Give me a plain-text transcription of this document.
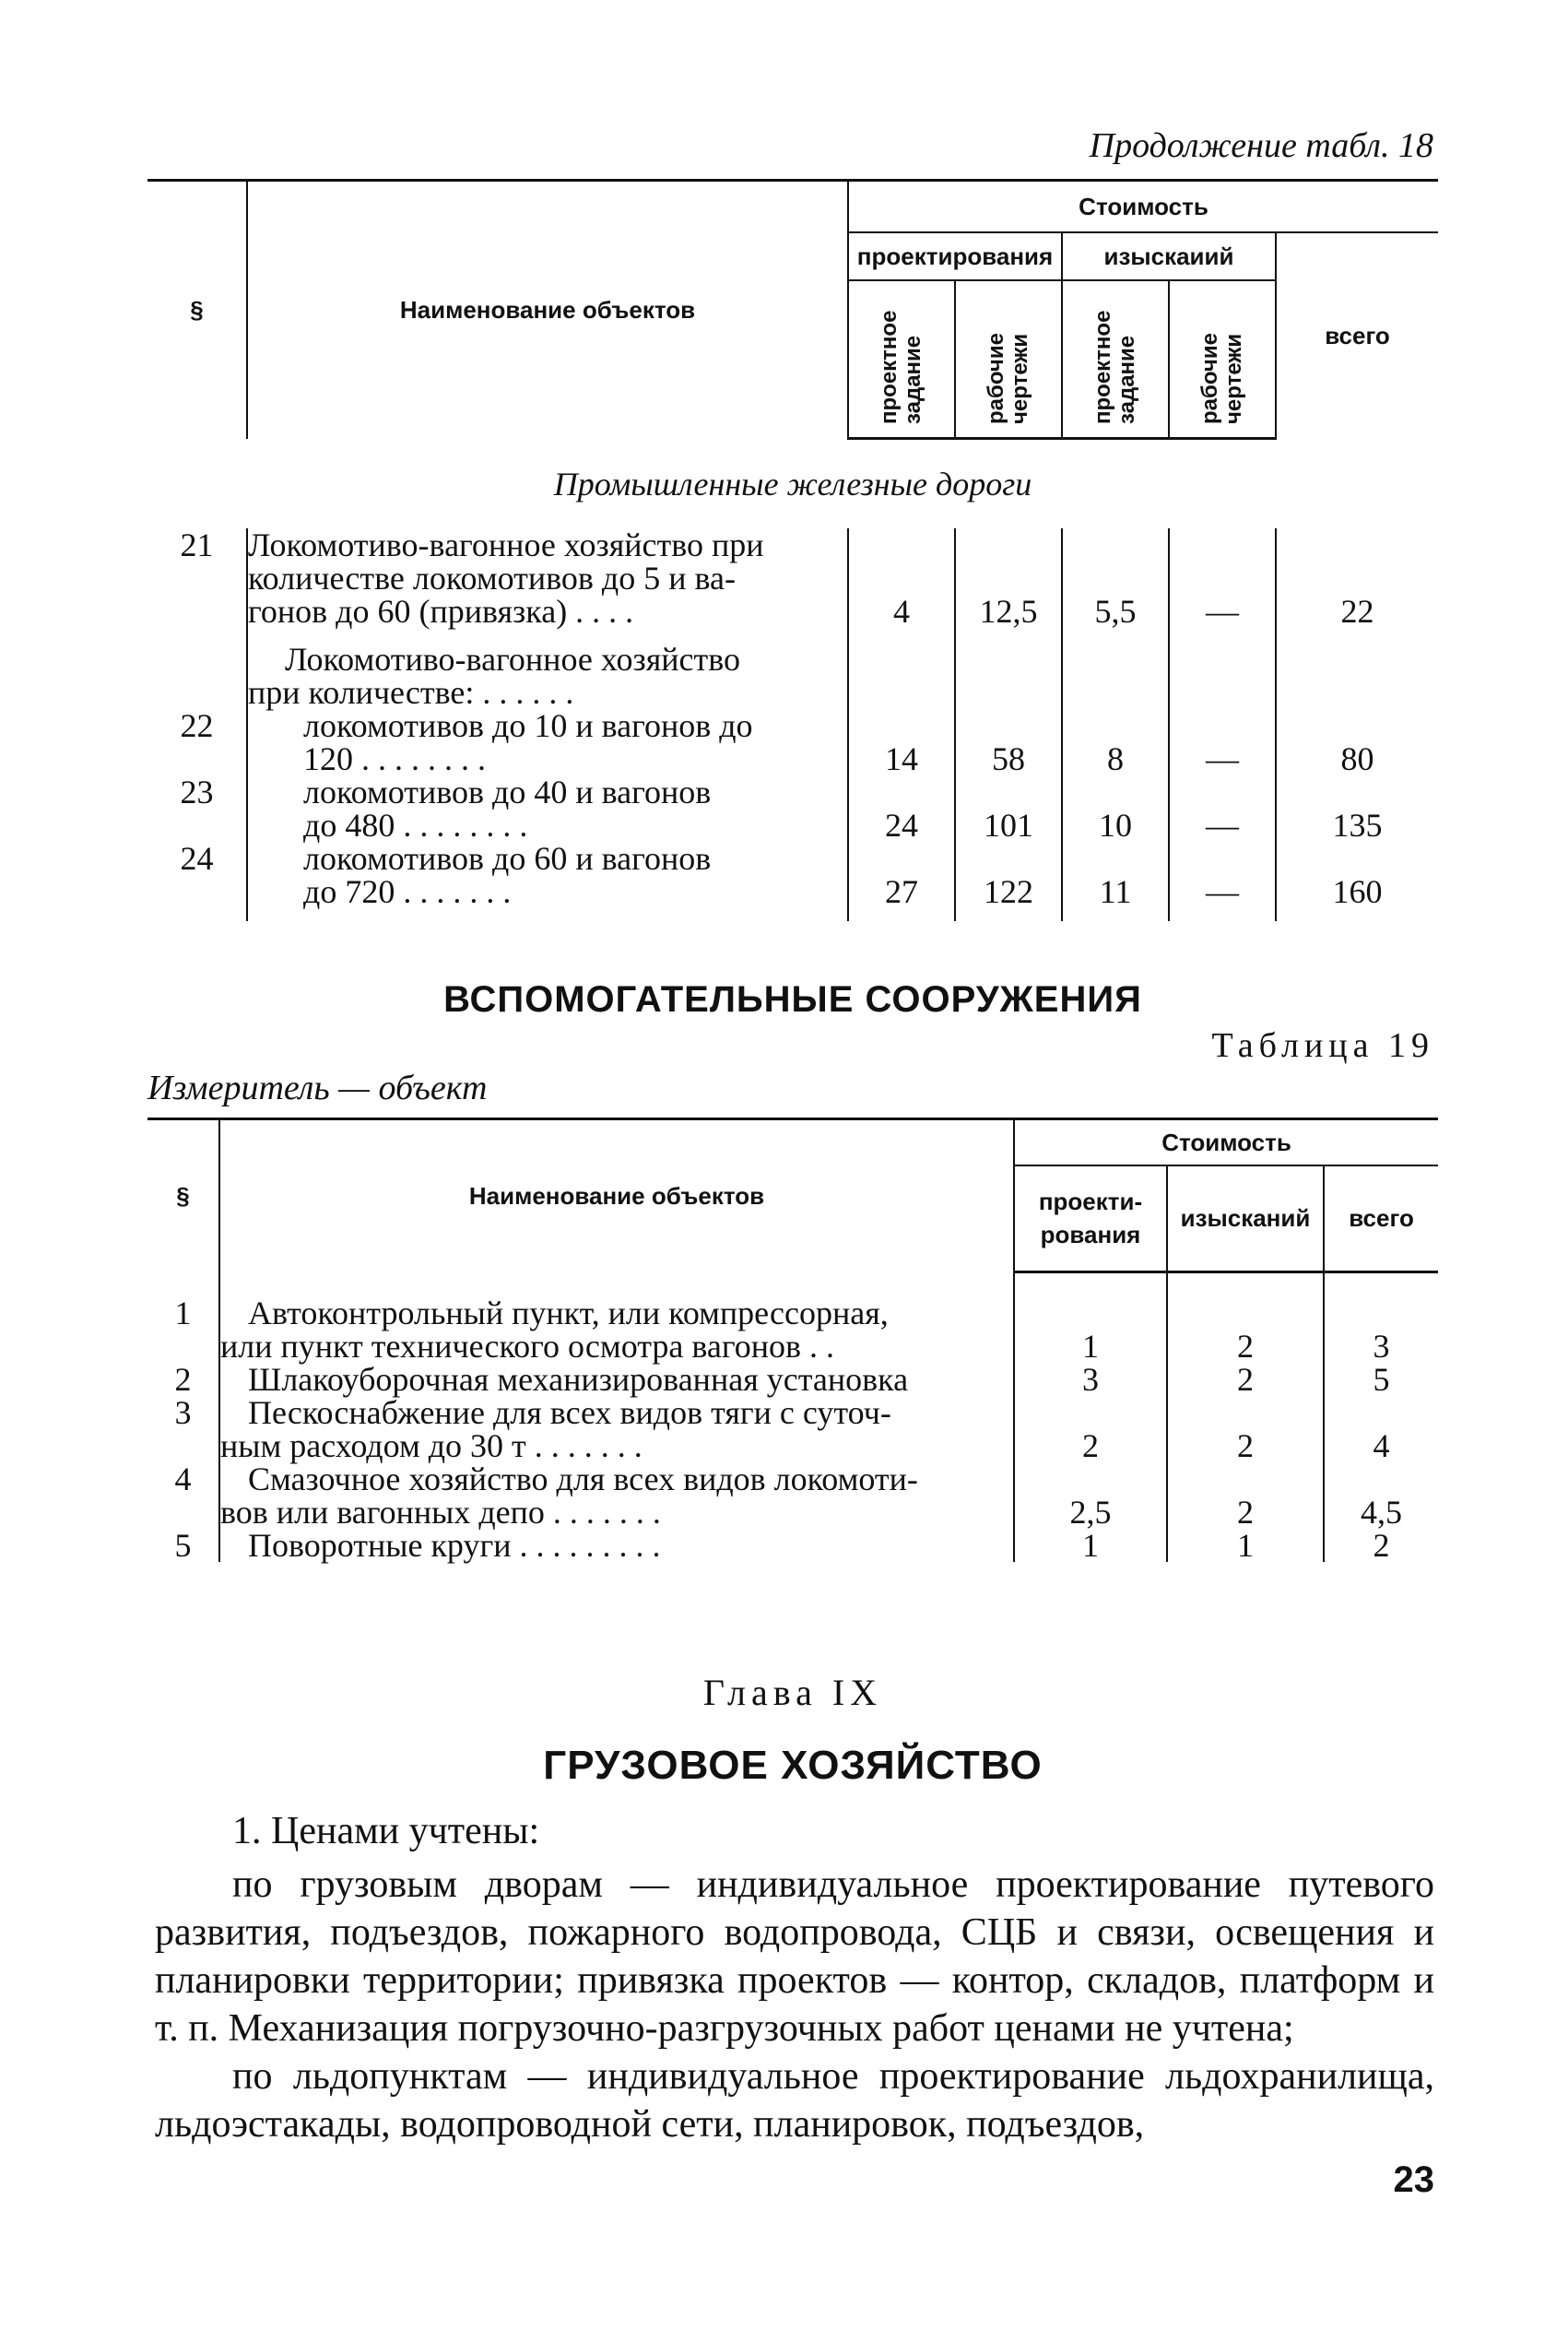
Продолжение табл. 18
§	Наименование объектов	Стоимость				
		проектирования		изыскаиий		всего
		проектное задание	рабочие чертежи	проектное задание	рабочие чертежи	
Промышленные железные дороги						
21	Локомотиво-вагонное хозяйство при
количестве локомотивов до 5 и ва-
гонов до 60 (привязка) . . . .	4	12,5	5,5	—	22

Локомотиво-вагонное хозяйство
при количестве: . . . . . .					

22	локомотивов до 10 и вагонов до
120 . . . . . . . .	14	58	8	—	80
23	локомотивов до 40 и вагонов
до 480 . . . . . . . .	24	101	10	—	135
24	локомотивов до 60 и вагонов
до 720 . . . . . . .	27	122	11	—	160

ВСПОМОГАТЕЛЬНЫЕ СООРУЖЕНИЯ
Таблица 19
Измеритель — объект
§	Наименование объектов	Стоимость		
		проекти-рования	изысканий	всего

1	Автоконтрольный пункт, или компрессорная,
или пункт технического осмотра вагонов . .	1	2	3
2	Шлакоуборочная механизированная установка	3	2	5
3	Пескоснабжение для всех видов тяги с суточ-
ным расходом до 30 т . . . . . . .	2	2	4
4	Смазочное хозяйство для всех видов локомоти-
вов или вагонных депо . . . . . . .	2,5	2	4,5
5	Поворотные круги . . . . . . . . .	1	1	2
Глава IX
ГРУЗОВОЕ ХОЗЯЙСТВО

1. Ценами учтены:

по грузовым дворам — индивидуальное проектирование путевого развития, подъездов, пожарного водопровода, СЦБ и связи, освещения и планировки территории; привязка проектов — контор, складов, платформ и т. п. Механизация погрузочно-разгрузочных работ ценами не учтена;

по льдопунктам — индивидуальное проектирование льдохранилища, льдоэстакады, водопроводной сети, планировок, подъездов,

23
